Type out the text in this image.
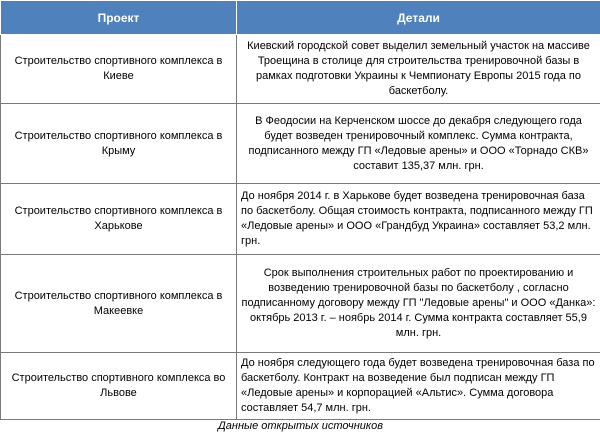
Проект	Детали
Строительство спортивного комплекса в Киеве	Киевский городской совет выделил земельный участок на массиве Троещина в столице для строительства тренировочной базы в рамках подготовки Украины к Чемпионату Европы 2015 года по баскетболу.
Строительство спортивного комплекса в Крыму	В Феодосии на Керченском шоссе до декабря следующего года будет возведен тренировочный комплекс. Сумма контракта, подписанного между ГП «Ледовые арены» и ООО «Торнадо СКВ» составит 135,37 млн. грн.
Строительство спортивного комплекса в Харькове	До ноября 2014 г. в Харькове будет возведена тренировочная база по баскетболу. Общая стоимость контракта, подписанного между ГП «Ледовые арены» и ООО «Грандбуд Украина» составляет 53,2 млн. грн.
Строительство спортивного комплекса в Макеевке	Срок выполнения строительных работ по проектированию и возведению тренировочной базы по баскетболу , согласно подписанному договору между ГП "Ледовые арены" и ООО «Данка»: октябрь 2013 г. – ноябрь 2014 г. Сумма контракта составляет 55,9 млн. грн.
Строительство спортивного комплекса во Львове	До ноября следующего года будет возведена тренировочная база по баскетболу. Контракт на возведение был подписан между ГП «Ледовые арены» и корпорацией «Альтис». Сумма договора составляет 54,7 млн. грн.
Данные открытых источников	
